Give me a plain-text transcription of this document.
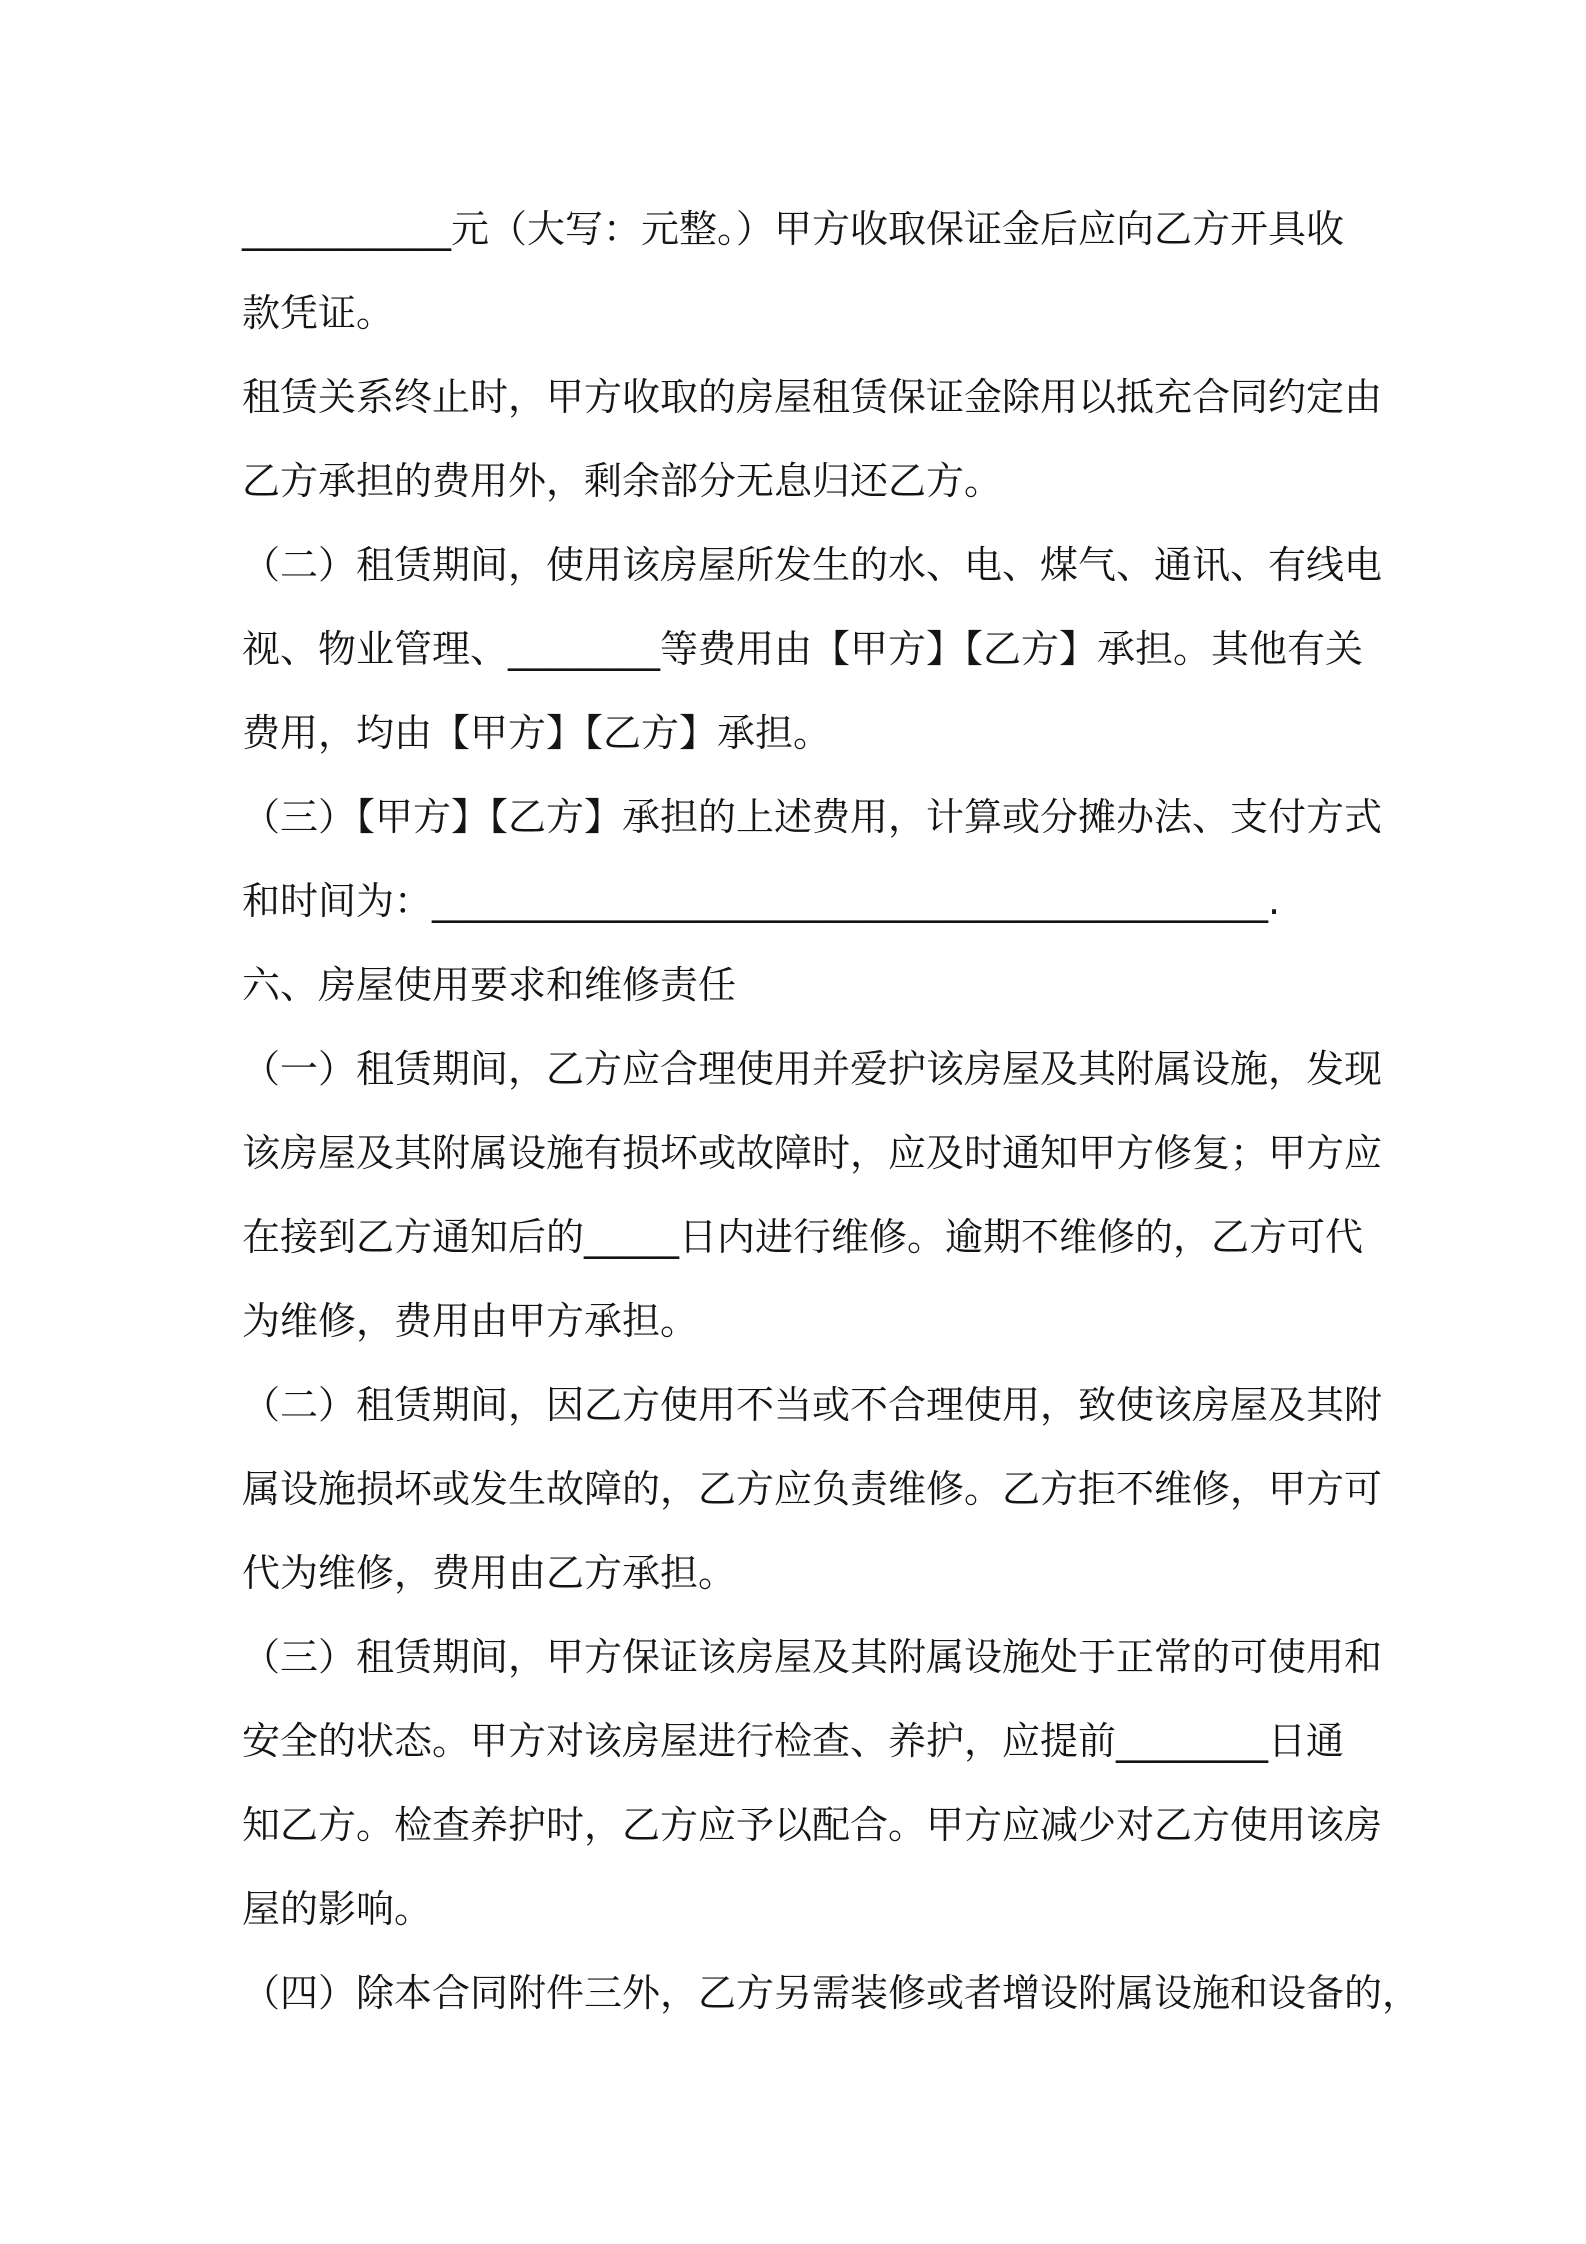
___________元（大写：元整。）甲方收取保证金后应向乙方开具收
款凭证。
租赁关系终止时，甲方收取的房屋租赁保证金除用以抵充合同约定由
乙方承担的费用外，剩余部分无息归还乙方。
（二）租赁期间，使用该房屋所发生的水、电、煤气、通讯、有线电
视、物业管理、________等费用由【甲方】【乙方】承担。其他有关
费用，均由【甲方】【乙方】承担。
（三）【甲方】【乙方】承担的上述费用，计算或分摊办法、支付方式
和时间为：____________________________________________.
六、房屋使用要求和维修责任
（一）租赁期间，乙方应合理使用并爱护该房屋及其附属设施，发现
该房屋及其附属设施有损坏或故障时，应及时通知甲方修复；甲方应
在接到乙方通知后的_____日内进行维修。逾期不维修的，乙方可代
为维修，费用由甲方承担。
（二）租赁期间，因乙方使用不当或不合理使用，致使该房屋及其附
属设施损坏或发生故障的，乙方应负责维修。乙方拒不维修，甲方可
代为维修，费用由乙方承担。
（三）租赁期间，甲方保证该房屋及其附属设施处于正常的可使用和
安全的状态。甲方对该房屋进行检查、养护，应提前________日通
知乙方。检查养护时，乙方应予以配合。甲方应减少对乙方使用该房
屋的影响。
（四）除本合同附件三外，乙方另需装修或者增设附属设施和设备的，
